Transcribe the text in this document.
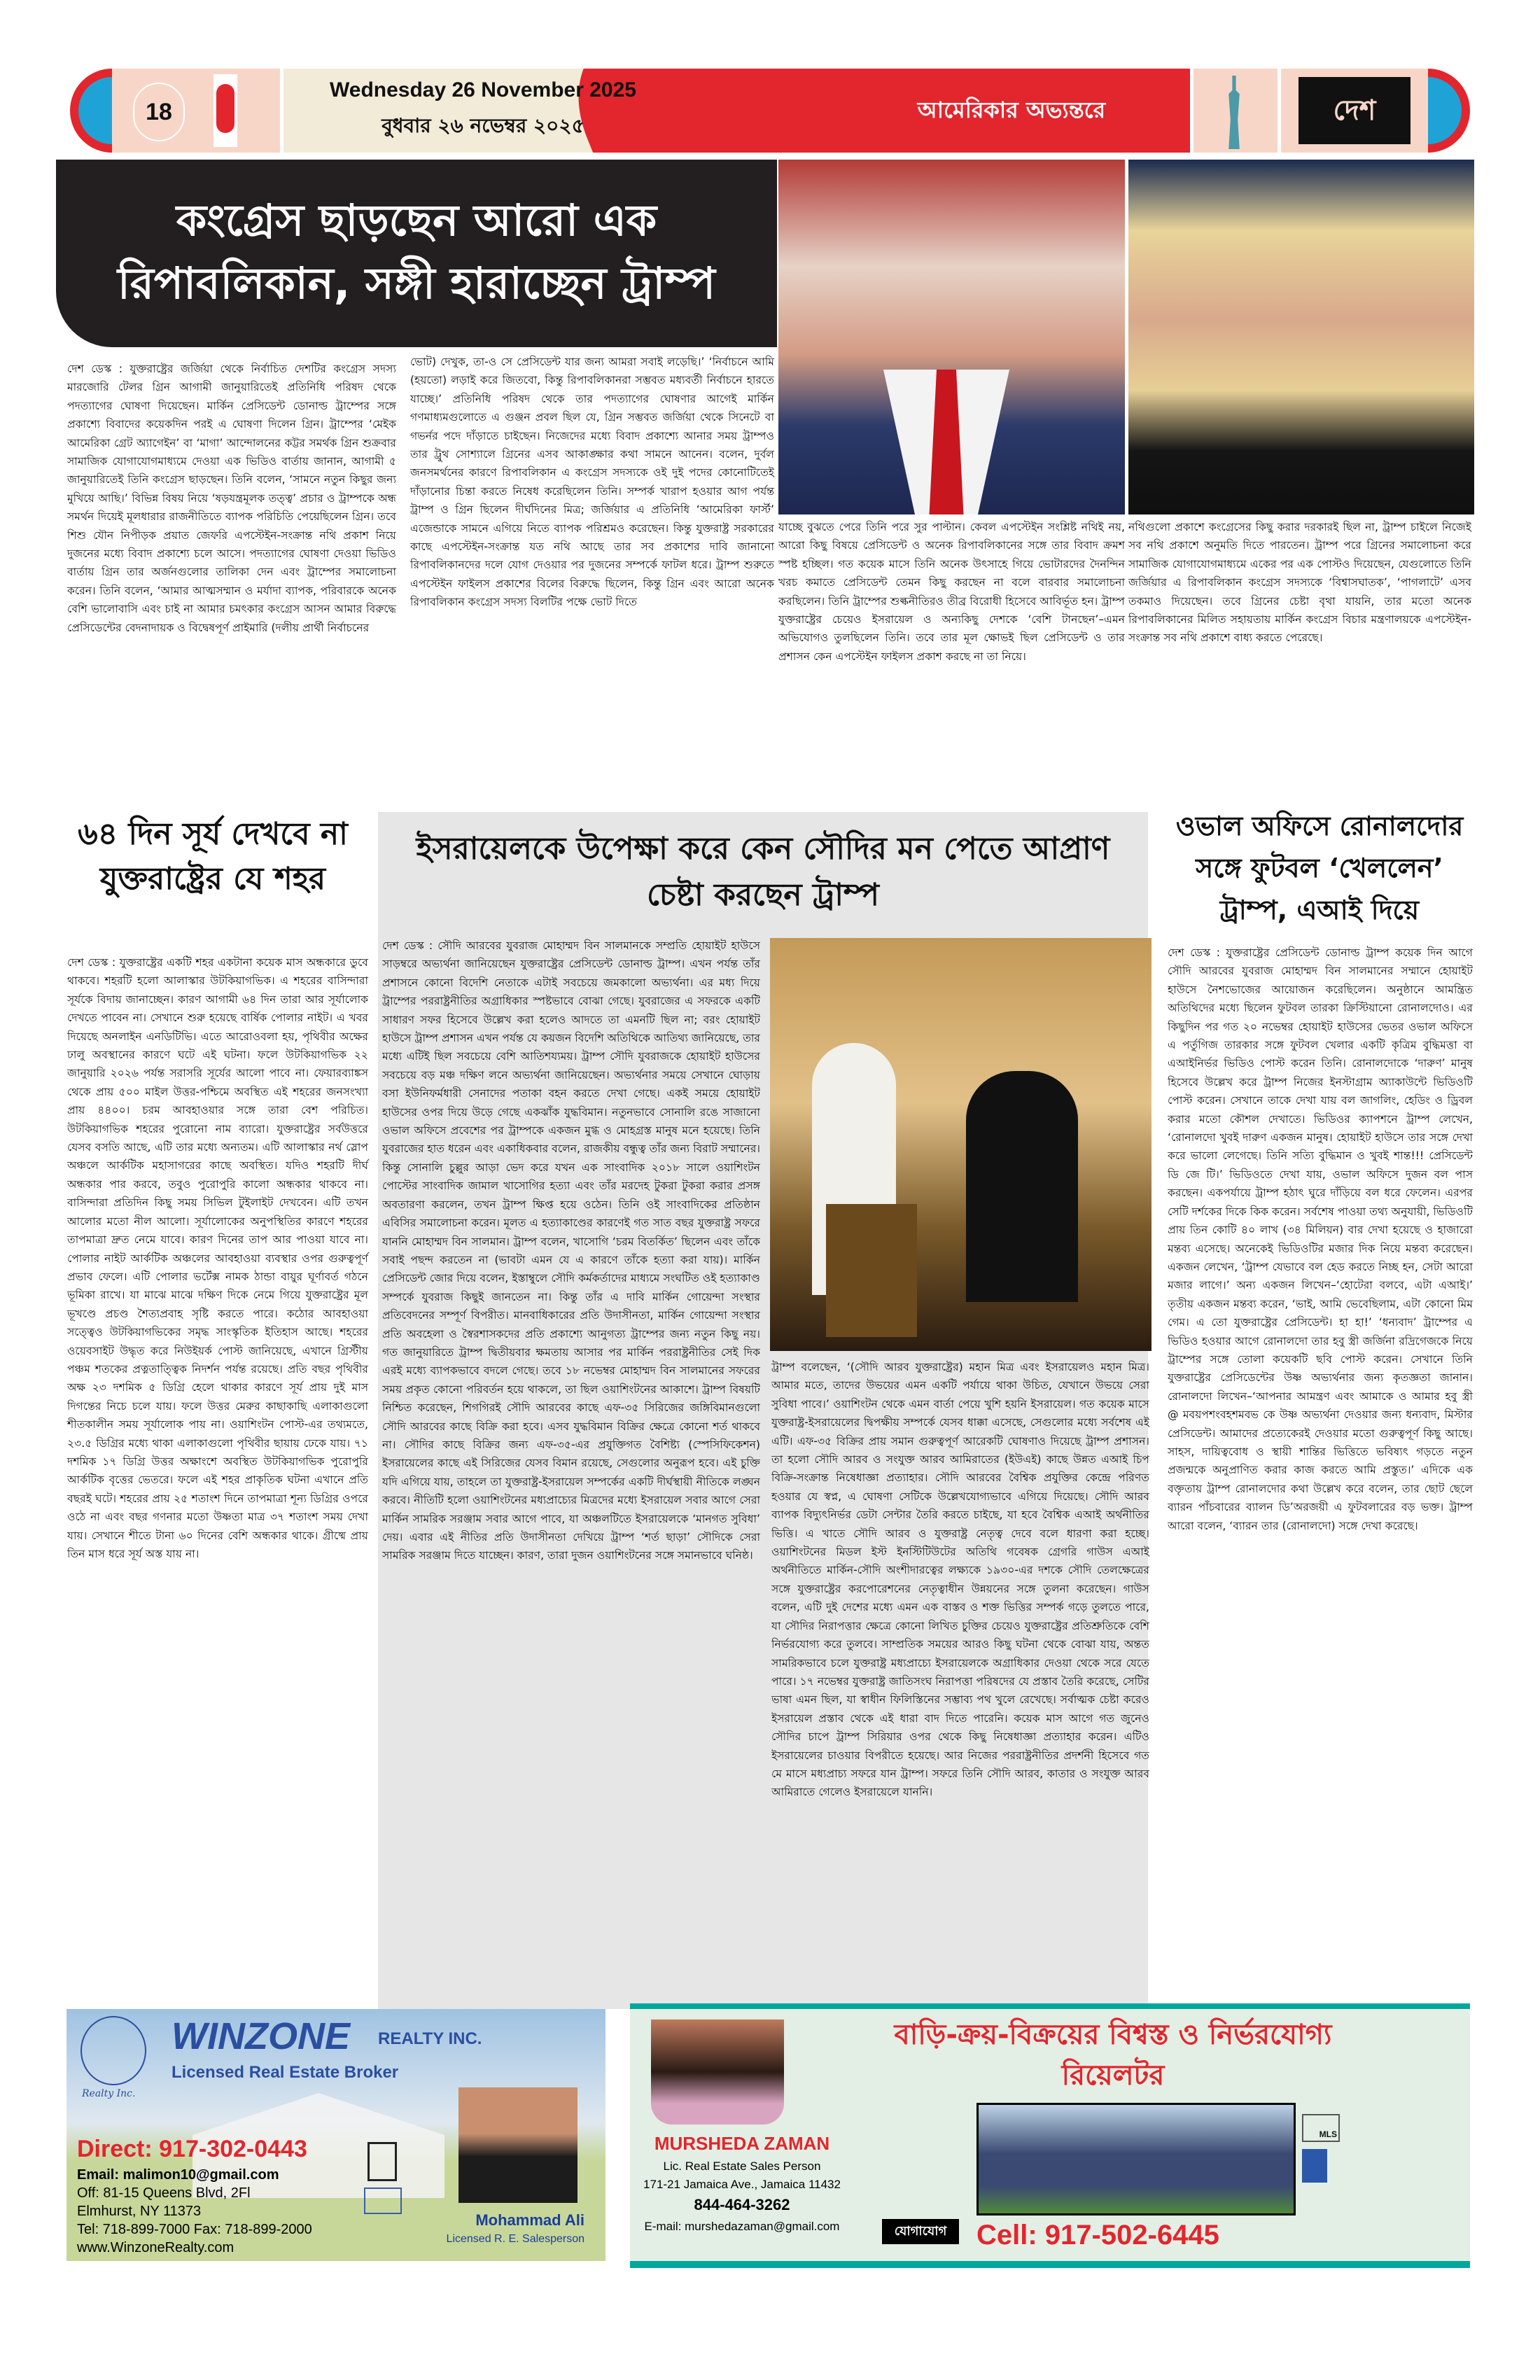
18
Wednesday 26 November 2025
বুধবার ২৬ নভেম্বর ২০২৫
আমেরিকার অভ্যন্তরে	দেশ
কংগ্রেস ছাড়ছেন আরো এক রিপাবলিকান, সঙ্গী হারাচ্ছেন ট্রাম্প

দেশ ডেস্ক : যুক্তরাষ্ট্রের জর্জিয়া থেকে নির্বাচিত দেশটির কংগ্রেস সদস্য মারজোরি টেলর গ্রিন আগামী জানুয়ারিতেই প্রতিনিধি পরিষদ থেকে পদত্যাগের ঘোষণা দিয়েছেন। মার্কিন প্রেসিডেন্ট ডোনাল্ড ট্রাম্পের সঙ্গে প্রকাশ্যে বিবাদের কয়েকদিন পরই এ ঘোষণা দিলেন গ্রিন। ট্রাম্পের ‘মেইক আমেরিকা গ্রেট অ্যাগেইন’ বা ‘মাগা’ আন্দোলনের কট্টর সমর্থক গ্রিন শুক্রবার সামাজিক যোগাযোগমাধ্যমে দেওয়া এক ভিডিও বার্তায় জানান, আগামী ৫ জানুয়ারিতেই তিনি কংগ্রেস ছাড়ছেন। তিনি বলেন, ‘সামনে নতুন কিছুর জন্য মুখিয়ে আছি।’ বিভিন্ন বিষয় নিয়ে ‘ষড়যন্ত্রমূলক তত্ত্ব’ প্রচার ও ট্রাম্পকে অন্ধ সমর্থন দিয়েই মূলধারার রাজনীতিতে ব্যাপক পরিচিতি পেয়েছিলেন গ্রিন। তবে শিশু যৌন নিপীড়ক প্রয়াত জেফরি এপস্টেইন-সংক্রান্ত নথি প্রকাশ নিয়ে দুজনের মধ্যে বিবাদ প্রকাশ্যে চলে আসে। পদত্যাগের ঘোষণা দেওয়া ভিডিও বার্তায় গ্রিন তার অর্জনগুলোর তালিকা দেন এবং ট্রাম্পের সমালোচনা করেন। তিনি বলেন, ‘আমার আত্মসম্মান ও মর্যাদা ব্যাপক, পরিবারকে অনেক বেশি ভালোবাসি এবং চাই না আমার চমৎকার কংগ্রেস আসন আমার বিরুদ্ধে প্রেসিডেন্টের বেদনাদায়ক ও বিদ্বেষপূর্ণ প্রাইমারি (দলীয় প্রার্থী নির্বাচনের

ভোট) দেখুক, তা-ও সে প্রেসিডেন্ট যার জন্য আমরা সবাই লড়েছি।’ ‘নির্বাচনে আমি (হয়তো) লড়াই করে জিতবো, কিন্তু রিপাবলিকানরা সম্ভবত মধ্যবর্তী নির্বাচনে হারতে যাচ্ছে।’ প্রতিনিধি পরিষদ থেকে তার পদত্যাগের ঘোষণার আগেই মার্কিন গণমাধ্যমগুলোতে এ গুঞ্জন প্রবল ছিল যে, গ্রিন সম্ভবত জর্জিয়া থেকে সিনেটে বা গভর্নর পদে দাঁড়াতে চাইছেন। নিজেদের মধ্যে বিবাদ প্রকাশ্যে আনার সময় ট্রাম্পও তার ট্রুথ সোশ্যালে গ্রিনের এসব আকাঙ্ক্ষার কথা সামনে আনেন। বলেন, দুর্বল জনসমর্থনের কারণে রিপাবলিকান এ কংগ্রেস সদস্যকে ওই দুই পদের কোনোটিতেই দাঁড়ানোর চিন্তা করতে নিষেধ করেছিলেন তিনি। সম্পর্ক খারাপ হওয়ার আগ পর্যন্ত ট্রাম্প ও গ্রিন ছিলেন দীর্ঘদিনের মিত্র; জর্জিয়ার এ প্রতিনিধি ‘আমেরিকা ফার্স্ট’ এজেন্ডাকে সামনে এগিয়ে নিতে ব্যাপক পরিশ্রমও করেছেন। কিন্তু যুক্তরাষ্ট্র সরকারের কাছে এপস্টেইন-সংক্রান্ত যত নথি আছে তার সব প্রকাশের দাবি জানানো রিপাবলিকানদের দলে যোগ দেওয়ার পর দুজনের সম্পর্কে ফাটল ধরে। ট্রাম্প শুরুতে এপস্টেইন ফাইলস প্রকাশের বিলের বিরুদ্ধে ছিলেন, কিন্তু গ্রিন এবং আরো অনেক রিপাবলিকান কংগ্রেস সদস্য বিলটির পক্ষে ভোট দিতে

যাচ্ছে বুঝতে পেরে তিনি পরে সুর পাল্টান। কেবল এপস্টেইন সংশ্লিষ্ট নথিই নয়, আরো কিছু বিষয়ে প্রেসিডেন্ট ও অনেক রিপাবলিকানের সঙ্গে তার বিবাদ ক্রমশ স্পষ্ট হচ্ছিল। গত কয়েক মাসে তিনি অনেক উৎসাহে গিয়ে ভোটারদের দৈনন্দিন খরচ কমাতে প্রেসিডেন্ট তেমন কিছু করছেন না বলে বারবার সমালোচনা করছিলেন। তিনি ট্রাম্পের শুল্কনীতিরও তীব্র বিরোধী হিসেবে আবির্ভূত হন। ট্রাম্প যুক্তরাষ্ট্রের চেয়েও ইসরায়েল ও অন্যকিছু দেশকে ‘বেশি টানছেন’–এমন অভিযোগও তুলছিলেন তিনি। তবে তার মূল ক্ষোভই ছিল প্রেসিডেন্ট ও তার প্রশাসন কেন এপস্টেইন ফাইলস প্রকাশ করছে না তা নিয়ে।

নথিগুলো প্রকাশে কংগ্রেসের কিছু করার দরকারই ছিল না, ট্রাম্প চাইলে নিজেই সব নথি প্রকাশে অনুমতি দিতে পারতেন। ট্রাম্প পরে গ্রিনের সমালোচনা করে সামাজিক যোগাযোগমাধ্যমে একের পর এক পোস্টও দিয়েছেন, যেগুলোতে তিনি জর্জিয়ার এ রিপাবলিকান কংগ্রেস সদস্যকে ‘বিশ্বাসঘাতক’, ‘পাগলাটে’ এসব তকমাও দিয়েছেন। তবে গ্রিনের চেষ্টা বৃথা যায়নি, তার মতো অনেক রিপাবলিকানের মিলিত সহায়তায় মার্কিন কংগ্রেস বিচার মন্ত্রণালয়কে এপস্টেইন-সংক্রান্ত সব নথি প্রকাশে বাধ্য করতে পেরেছে।

৬৪ দিন সূর্য দেখবে না যুক্তরাষ্ট্রের যে শহর

দেশ ডেস্ক : যুক্তরাষ্ট্রের একটি শহর একটানা কয়েক মাস অন্ধকারে ডুবে থাকবে। শহরটি হলো আলাস্কার উটকিয়াগভিক। এ শহরের বাসিন্দারা সূর্যকে বিদায় জানাচ্ছেন। কারণ আগামী ৬৪ দিন তারা আর সূর্যালোক দেখতে পাবেন না। সেখানে শুরু হয়েছে বার্ষিক পোলার নাইট। এ খবর দিয়েছে অনলাইন এনডিটিভি। এতে আরোওবলা হয়, পৃথিবীর অক্ষের ঢালু অবস্থানের কারণে ঘটে এই ঘটনা। ফলে উটকিয়াগভিক ২২ জানুয়ারি ২০২৬ পর্যন্ত সরাসরি সূর্যের আলো পাবে না। ফেয়ারব্যাঙ্কস থেকে প্রায় ৫০০ মাইল উত্তর-পশ্চিমে অবস্থিত এই শহরের জনসংখ্যা প্রায় ৪৪০০। চরম আবহাওয়ার সঙ্গে তারা বেশ পরিচিত। উটকিয়াগভিক শহরের পুরোনো নাম ব্যারো। যুক্তরাষ্ট্রের সর্বউত্তরে যেসব বসতি আছে, এটি তার মধ্যে অন্যতম। এটি আলাস্কার নর্থ স্লোপ অঞ্চলে আর্কটিক মহাসাগরের কাছে অবস্থিত। যদিও শহরটি দীর্ঘ অন্ধকার পার করবে, তবুও পুরোপুরি কালো অন্ধকার থাকবে না। বাসিন্দারা প্রতিদিন কিছু সময় সিভিল টুইলাইট দেখবেন। এটি তখন আলোর মতো নীল আলো। সূর্যালোকের অনুপস্থিতির কারণে শহরের তাপমাত্রা দ্রুত নেমে যাবে। কারণ দিনের তাপ আর পাওয়া যাবে না। পোলার নাইট আর্কটিক অঞ্চলের আবহাওয়া ব্যবস্থার ওপর গুরুত্বপূর্ণ প্রভাব ফেলে। এটি পোলার ভর্টেক্স নামক ঠান্ডা বায়ুর ঘূর্ণাবর্ত গঠনে ভূমিকা রাখে। যা মাঝে মাঝে দক্ষিণ দিকে নেমে গিয়ে যুক্তরাষ্ট্রের মূল ভূখণ্ডে প্রচণ্ড শৈত্যপ্রবাহ সৃষ্টি করতে পারে। কঠোর আবহাওয়া সত্ত্বেও উটকিয়াগভিকের সমৃদ্ধ সাংস্কৃতিক ইতিহাস আছে। শহরের ওয়েবসাইট উদ্ধৃত করে নিউইয়র্ক পোস্ট জানিয়েছে, এখানে গ্রিস্টীয় পঞ্চম শতকের প্রত্নতাত্ত্বিক নিদর্শন পর্যন্ত রয়েছে। প্রতি বছর পৃথিবীর অক্ষ ২৩ দশমিক ৫ ডিগ্রি হেলে থাকার কারণে সূর্য প্রায় দুই মাস দিগন্তের নিচে চলে যায়। ফলে উত্তর মেরুর কাছাকাছি এলাকাগুলো শীতকালীন সময় সূর্যালোক পায় না। ওয়াশিংটন পোস্ট-এর তথ্যমতে, ২৩.৫ ডিগ্রির মধ্যে থাকা এলাকাগুলো পৃথিবীর ছায়ায় ঢেকে যায়। ৭১ দশমিক ১৭ ডিগ্রি উত্তর অক্ষাংশে অবস্থিত উটকিয়াগভিক পুরোপুরি আর্কটিক বৃত্তের ভেতরে। ফলে এই শহর প্রাকৃতিক ঘটনা এখানে প্রতি বছরই ঘটে। শহরের প্রায় ২৫ শতাংশ দিনে তাপমাত্রা শূন্য ডিগ্রির ওপরে ওঠে না এবং বছর গণনার মতো উষ্ণতা মাত্র ৩৭ শতাংশ সময় দেখা যায়। সেখানে শীতে টানা ৬০ দিনের বেশি অন্ধকার থাকে। গ্রীষ্মে প্রায় তিন মাস ধরে সূর্য অস্ত যায় না।

ইসরায়েলকে উপেক্ষা করে কেন সৌদির মন পেতে আপ্রাণ চেষ্টা করছেন ট্রাম্প

দেশ ডেস্ক : সৌদি আরবের যুবরাজ মোহাম্মদ বিন সালমানকে সম্প্রতি হোয়াইট হাউসে সাড়ম্বরে অভ্যর্থনা জানিয়েছেন যুক্তরাষ্ট্রের প্রেসিডেন্ট ডোনাল্ড ট্রাম্প। এখন পর্যন্ত তাঁর প্রশাসনে কোনো বিদেশি নেতাকে এটাই সবচেয়ে জমকালো অভ্যর্থনা। এর মধ্য দিয়ে ট্রাম্পের পররাষ্ট্রনীতির অগ্রাধিকার স্পষ্টভাবে বোঝা গেছে। যুবরাজের এ সফরকে একটি সাধারণ সফর হিসেবে উল্লেখ করা হলেও আদতে তা এমনটি ছিল না; বরং হোয়াইট হাউসে ট্রাম্প প্রশাসন এখন পর্যন্ত যে কয়জন বিদেশি অতিথিকে আতিথ্য জানিয়েছে, তার মধ্যে এটিই ছিল সবচেয়ে বেশি আতিশয্যময়। ট্রাম্প সৌদি যুবরাজকে হোয়াইট হাউসের সবচেয়ে বড় মঞ্চ দক্ষিণ লনে অভ্যর্থনা জানিয়েছেন। অভ্যর্থনার সময়ে সেখানে ঘোড়ায় বসা ইউনিফর্মধারী সেনাদের পতাকা বহন করতে দেখা গেছে। একই সময়ে হোয়াইট হাউসের ওপর দিয়ে উড়ে গেছে একঝাঁক যুদ্ধবিমান। নতুনভাবে সোনালি রঙে সাজানো ওভাল অফিসে প্রবেশের পর ট্রাম্পকে একজন মুগ্ধ ও মোহগ্রস্ত মানুষ মনে হয়েছে। তিনি যুবরাজের হাত ধরেন এবং একাধিকবার বলেন, রাজকীয় বন্ধুত্ব তাঁর জন্য বিরাট সম্মানের। কিন্তু সোনালি চুল্লুর আড়া ভেদ করে যখন এক সাংবাদিক ২০১৮ সালে ওয়াশিংটন পোস্টের সাংবাদিক জামাল খাসোগির হত্যা এবং তাঁর মরদেহ টুকরা টুকরা করার প্রসঙ্গ অবতারণা করলেন, তখন ট্রাম্প ক্ষিপ্ত হয়ে ওঠেন। তিনি ওই সাংবাদিকের প্রতিষ্ঠান এবিসির সমালোচনা করেন। মূলত এ হত্যাকাণ্ডের কারণেই গত সাত বছর যুক্তরাষ্ট্র সফরে যাননি মোহাম্মদ বিন সালমান। ট্রাম্প বলেন, খাসোগি ‘চরম বিতর্কিত’ ছিলেন এবং তাঁকে সবাই পছন্দ করতেন না (ভাবটা এমন যে এ কারণে তাঁকে হত্যা করা যায়)। মার্কিন প্রেসিডেন্ট জোর দিয়ে বলেন, ইস্তাম্বুলে সৌদি কর্মকর্তাদের মাধ্যমে সংঘটিত ওই হত্যাকাণ্ড সম্পর্কে যুবরাজ কিছুই জানতেন না। কিন্তু তাঁর এ দাবি মার্কিন গোয়েন্দা সংস্থার প্রতিবেদনের সম্পূর্ণ বিপরীত। মানবাধিকারের প্রতি উদাসীনতা, মার্কিন গোয়েন্দা সংস্থার প্রতি অবহেলা ও স্বৈরশাসকদের প্রতি প্রকাশ্যে আনুগত্য ট্রাম্পের জন্য নতুন কিছু নয়। গত জানুয়ারিতে ট্রাম্প দ্বিতীয়বার ক্ষমতায় আসার পর মার্কিন পররাষ্ট্রনীতির সেই দিক এরই মধ্যে ব্যাপকভাবে বদলে গেছে। তবে ১৮ নভেম্বর মোহাম্মদ বিন সালমানের সফরের সময় প্রকৃত কোনো পরিবর্তন হয়ে থাকলে, তা ছিল ওয়াশিংটনের আকাশে। ট্রাম্প বিষয়টি নিশ্চিত করেছেন, শিগগিরই সৌদি আরবের কাছে এফ-৩৫ সিরিজের জঙ্গিবিমানগুলো সৌদি আরবের কাছে বিক্রি করা হবে। এসব যুদ্ধবিমান বিক্রির ক্ষেত্রে কোনো শর্ত থাকবে না। সৌদির কাছে বিক্রির জন্য এফ-৩৫-এর প্রযুক্তিগত বৈশিষ্ট্য (স্পেসিফিকেশন) ইসরায়েলের কাছে এই সিরিজের যেসব বিমান রয়েছে, সেগুলোর অনুরূপ হবে। এই চুক্তি যদি এগিয়ে যায়, তাহলে তা যুক্তরাষ্ট্র-ইসরায়েল সম্পর্কের একটি দীর্ঘস্থায়ী নীতিকে লঙ্ঘন করবে। নীতিটি হলো ওয়াশিংটনের মধ্যপ্রাচ্যের মিত্রদের মধ্যে ইসরায়েল সবার আগে সেরা মার্কিন সামরিক সরঞ্জাম সবার আগে পাবে, যা অঞ্চলটিতে ইসরায়েলকে ‘মানগত সুবিধা’ দেয়। এবার এই নীতির প্রতি উদাসীনতা দেখিয়ে ট্রাম্প ‘শর্ত ছাড়া’ সৌদিকে সেরা সামরিক সরঞ্জাম দিতে যাচ্ছেন। কারণ, তারা দুজন ওয়াশিংটনের সঙ্গে সমানভাবে ঘনিষ্ঠ।

ট্রাম্প বলেছেন, ‘(সৌদি আরব যুক্তরাষ্ট্রের) মহান মিত্র এবং ইসরায়েলও মহান মিত্র। আমার মতে, তাদের উভয়ের এমন একটি পর্যায়ে থাকা উচিত, যেখানে উভয়ে সেরা সুবিধা পাবে।’ ওয়াশিংটন থেকে এমন বার্তা পেয়ে খুশি হয়নি ইসরায়েল। গত কয়েক মাসে যুক্তরাষ্ট্র-ইসরায়েলের দ্বিপক্ষীয় সম্পর্কে যেসব ধাক্কা এসেছে, সেগুলোর মধ্যে সর্বশেষ এই এটি। এফ-৩৫ বিক্রির প্রায় সমান গুরুত্বপূর্ণ আরেকটি ঘোষণাও দিয়েছে ট্রাম্প প্রশাসন। তা হলো সৌদি আরব ও সংযুক্ত আরব আমিরাতের (ইউএই) কাছে উন্নত এআই চিপ বিক্রি-সংক্রান্ত নিষেধাজ্ঞা প্রত্যাহার। সৌদি আরবের বৈশ্বিক প্রযুক্তির কেন্দ্রে পরিণত হওয়ার যে স্বপ্ন, এ ঘোষণা সেটিকে উল্লেখযোগ্যভাবে এগিয়ে দিয়েছে। সৌদি আরব ব্যাপক বিদ্যুৎনির্ভর ডেটা সেন্টার তৈরি করতে চাইছে, যা হবে বৈশ্বিক এআই অর্থনীতির ভিত্তি। এ খাতে সৌদি আরব ও যুক্তরাষ্ট্র নেতৃত্ব দেবে বলে ধারণা করা হচ্ছে। ওয়াশিংটনের মিডল ইস্ট ইনস্টিটিউটের অতিথি গবেষক গ্রেগরি গাউস এআই অর্থনীতিতে মার্কিন-সৌদি অংশীদারত্বের লক্ষ্যকে ১৯৩০-এর দশকে সৌদি তেলক্ষেত্রের সঙ্গে যুক্তরাষ্ট্রের করপোরেশনের নেতৃত্বাধীন উন্নয়নের সঙ্গে তুলনা করেছেন। গাউস বলেন, এটি দুই দেশের মধ্যে এমন এক বাস্তব ও শক্ত ভিত্তির সম্পর্ক গড়ে তুলতে পারে, যা সৌদির নিরাপত্তার ক্ষেত্রে কোনো লিখিত চুক্তির চেয়েও যুক্তরাষ্ট্রের প্রতিশ্রুতিকে বেশি নির্ভরযোগ্য করে তুলবে। সাম্প্রতিক সময়ের আরও কিছু ঘটনা থেকে বোঝা যায়, অন্তত সামরিকভাবে চলে যুক্তরাষ্ট্র মধ্যপ্রাচ্যে ইসরায়েলকে অগ্রাধিকার দেওয়া থেকে সরে যেতে পারে। ১৭ নভেম্বর যুক্তরাষ্ট্র জাতিসংঘ নিরাপত্তা পরিষদের যে প্রস্তাব তৈরি করেছে, সেটির ভাষা এমন ছিল, যা স্বাধীন ফিলিস্তিনের সম্ভাব্য পথ খুলে রেখেছে। সর্বাত্মক চেষ্টা করেও ইসরায়েল প্রস্তাব থেকে এই ধারা বাদ দিতে পারেনি। কয়েক মাস আগে গত জুনেও সৌদির চাপে ট্রাম্প সিরিয়ার ওপর থেকে কিছু নিষেধাজ্ঞা প্রত্যাহার করেন। এটিও ইসরায়েলের চাওয়ার বিপরীতে হয়েছে। আর নিজের পররাষ্ট্রনীতির প্রদর্শনী হিসেবে গত মে মাসে মধ্যপ্রাচ্য সফরে যান ট্রাম্প। সফরে তিনি সৌদি আরব, কাতার ও সংযুক্ত আরব আমিরাতে গেলেও ইসরায়েলে যাননি।

ওভাল অফিসে রোনালদোর সঙ্গে ফুটবল ‘খেললেন’ ট্রাম্প, এআই দিয়ে

দেশ ডেস্ক : যুক্তরাষ্ট্রের প্রেসিডেন্ট ডোনাল্ড ট্রাম্প কয়েক দিন আগে সৌদি আরবের যুবরাজ মোহাম্মদ বিন সালমানের সম্মানে হোয়াইট হাউসে নৈশভোজের আয়োজন করেছিলেন। অনুষ্ঠানে আমন্ত্রিত অতিথিদের মধ্যে ছিলেন ফুটবল তারকা ক্রিস্টিয়ানো রোনালদোও। এর কিছুদিন পর গত ২০ নভেম্বর হোয়াইট হাউসের ভেতর ওভাল অফিসে এ পর্তুগিজ তারকার সঙ্গে ফুটবল খেলার একটি কৃত্রিম বুদ্ধিমত্তা বা এআইনির্ভর ভিডিও পোস্ট করেন তিনি। রোনালদোকে ‘দারুণ’ মানুষ হিসেবে উল্লেখ করে ট্রাম্প নিজের ইনস্টাগ্রাম অ্যাকাউন্টে ভিডিওটি পোস্ট করেন। সেখানে তাকে দেখা যায় বল জাগলিং, হেডিং ও ড্রিবল করার মতো কৌশল দেখাতে। ভিডিওর ক্যাপশনে ট্রাম্প লেখেন, ‘রোনালদো খুবই দারুণ একজন মানুষ। হোয়াইট হাউসে তার সঙ্গে দেখা করে ভালো লেগেছে। তিনি সত্যি বুদ্ধিমান ও খুবই শান্ত!!! প্রেসিডেন্ট ডি জে টি।’ ভিডিওতে দেখা যায়, ওভাল অফিসে দুজন বল পাস করছেন। একপর্যায়ে ট্রাম্প হঠাৎ ঘুরে দাঁড়িয়ে বল ধরে ফেলেন। এরপর সেটি দর্শকের দিকে কিক করেন। সর্বশেষ পাওয়া তথ্য অনুযায়ী, ভিডিওটি প্রায় তিন কোটি ৪০ লাখ (৩৪ মিলিয়ন) বার দেখা হয়েছে ও হাজারো মন্তব্য এসেছে। অনেকেই ভিডিওটির মজার দিক নিয়ে মন্তব্য করেছেন। একজন লেখেন, ‘ট্রাম্প যেভাবে বল হেড করতে নিচ্ছ হন, সেটা আরো মজার লাগে।’ অন্য একজন লিখেন–‘হোটেরা বলবে, এটা এআই।’ তৃতীয় একজন মন্তব্য করেন, ‘ভাই, আমি ভেবেছিলাম, এটা কোনো মিম গেম। এ তো যুক্তরাষ্ট্রের প্রেসিডেন্ট। হা হা!’ ‘ধন্যবাদ’ ট্রাম্পের এ ভিডিও হওয়ার আগে রোনালদো তার হবু স্ত্রী জর্জিনা রদ্রিগেজকে নিয়ে ট্রাম্পের সঙ্গে তোলা কয়েকটি ছবি পোস্ট করেন। সেখানে তিনি যুক্তরাষ্ট্রের প্রেসিডেন্টের উষ্ণ অভ্যর্থনার জন্য কৃতজ্ঞতা জানান। রোনালদো লিখেন–‘আপনার আমন্ত্রণ এবং আমাকে ও আমার হবু স্ত্রী @ মবয়পশংবহশমবভ কে উষ্ণ অভ্যর্থনা দেওয়ার জন্য ধন্যবাদ, মিস্টার প্রেসিডেন্ট। আমাদের প্রত্যেকেরই দেওয়ার মতো গুরুত্বপূর্ণ কিছু আছে। সাহস, দায়িত্ববোধ ও স্থায়ী শান্তির ভিত্তিতে ভবিষ্যৎ গড়তে নতুন প্রজন্মকে অনুপ্রাণিত করার কাজ করতে আমি প্রস্তুত।’ এদিকে এক বক্তৃতায় ট্রাম্প রোনালদোর কথা উল্লেখ করে বলেন, তার ছোট ছেলে ব্যারন পাঁচবারের ব্যালন ডি’অরজয়ী এ ফুটবলারের বড় ভক্ত। ট্রাম্প আরো বলেন, ‘ব্যারন তার (রোনালদো) সঙ্গে দেখা করেছে।

Realty Inc.
WINZONE REALTY INC.
Licensed Real Estate Broker
Direct: 917-302-0443
Email: malimon10@gmail.com
Off: 81-15 Queens Blvd, 2Fl
Elmhurst, NY 11373
Tel: 718-899-7000 Fax: 718-899-2000
www.WinzoneRealty.com
Mohammad Ali
Licensed R. E. Salesperson
MURSHEDA ZAMAN
Lic. Real Estate Sales Person
171-21 Jamaica Ave., Jamaica 11432
844-464-3262
E-mail: murshedazaman@gmail.com
বাড়ি-ক্রয়-বিক্রয়ের বিশ্বস্ত ও নির্ভরযোগ্য রিয়েলটর
MLS
যোগাযোগ	Cell: 917-502-6445
